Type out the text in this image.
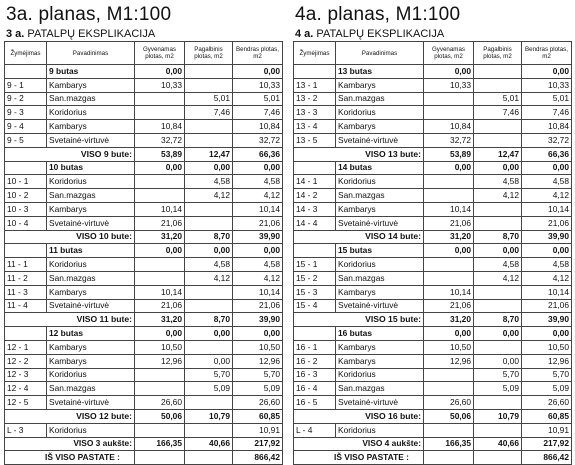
3a. planas, M1:100
3 a. PATALPŲ EKSPLIKACIJA
Žymėjimas	Pavadinimas	Gyvenamas plotas, m2	Pagalbinis plotas, m2	Bendras plotas, m2
	9 butas	0,00		0,00
9 - 1	Kambarys	10,33		10,33
9 - 2	San.mazgas		5,01	5,01
9 - 3	Koridorius		7,46	7,46
9 - 4	Kambarys	10,84		10,84
9 - 5	Svetainė-virtuvė	32,72		32,72
VISO 9 bute:		53,89	12,47	66,36
	10 butas	0,00	0,00	0,00
10 - 1	Koridorius		4,58	4,58
10 - 2	San.mazgas		4,12	4,12
10 - 3	Kambarys	10,14		10,14
10 - 4	Svetainė-virtuvė	21,06		21,06
VISO 10 bute:		31,20	8,70	39,90
	11 butas	0,00	0,00	0,00
11 - 1	Koridorius		4,58	4,58
11 - 2	San.mazgas		4,12	4,12
11 - 3	Kambarys	10,14		10,14
11 - 4	Svetainė-virtuvė	21,06		21,06
VISO 11 bute:		31,20	8,70	39,90
	12 butas	0,00	0,00	0,00
12 - 1	Kambarys	10,50		10,50
12 - 2	Kambarys	12,96	0,00	12,96
12 - 3	Koridorius		5,70	5,70
12 - 4	San.mazgas		5,09	5,09
12 - 5	Svetainė-virtuvė	26,60		26,60
VISO 12 bute:		50,06	10,79	60,85
L - 3	Koridorius			10,91
VISO 3 aukšte:		166,35	40,66	217,92
IŠ VISO PASTATE :				866,42
4a. planas, M1:100
4 a. PATALPŲ EKSPLIKACIJA
Žymėjimas	Pavadinimas	Gyvenamas plotas, m2	Pagalbinis plotas, m2	Bendras plotas, m2
	13 butas	0,00		0,00
13 - 1	Kambarys	10,33		10,33
13 - 2	San.mazgas		5,01	5,01
13 - 3	Koridorius		7,46	7,46
13 - 4	Kambarys	10,84		10,84
13 - 5	Svetainė-virtuvė	32,72		32,72
VISO 13 bute:		53,89	12,47	66,36
	14 butas	0,00	0,00	0,00
14 - 1	Koridorius		4,58	4,58
14 - 2	San.mazgas		4,12	4,12
14 - 3	Kambarys	10,14		10,14
14 - 4	Svetainė-virtuvė	21,06		21,06
VISO 14 bute:		31,20	8,70	39,90
	15 butas	0,00	0,00	0,00
15 - 1	Koridorius		4,58	4,58
15 - 2	San.mazgas		4,12	4,12
15 - 3	Kambarys	10,14		10,14
15 - 4	Svetainė-virtuvė	21,06		21,06
VISO 15 bute:		31,20	8,70	39,90
	16 butas	0,00	0,00	0,00
16 - 1	Kambarys	10,50		10,50
16 - 2	Kambarys	12,96	0,00	12,96
16 - 3	Koridorius		5,70	5,70
16 - 4	San.mazgas		5,09	5,09
16 - 5	Svetainė-virtuvė	26,60		26,60
VISO 16 bute:		50,06	10,79	60,85
L - 4	Koridorius			10,91
VISO 4 aukšte:		166,35	40,66	217,92
IŠ VISO PASTATE :				866,42
